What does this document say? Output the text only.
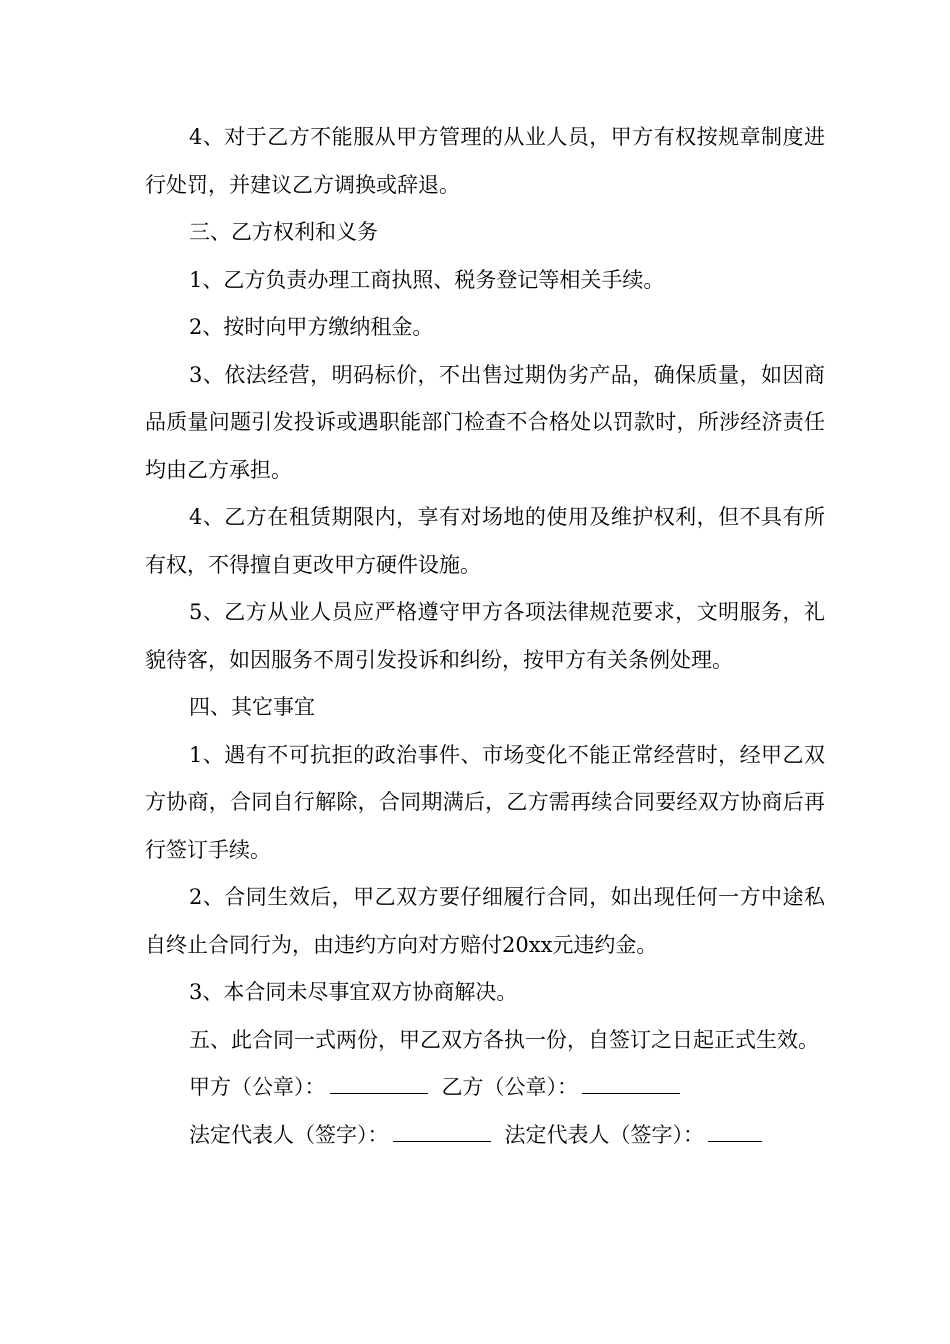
4、对于乙方不能服从甲方管理的从业人员，甲方有权按规章制度进行处罚，并建议乙方调换或辞退。

三、乙方权利和义务

1、乙方负责办理工商执照、税务登记等相关手续。

2、按时向甲方缴纳租金。

3、依法经营，明码标价，不出售过期伪劣产品，确保质量，如因商品质量问题引发投诉或遇职能部门检查不合格处以罚款时，所涉经济责任均由乙方承担。

4、乙方在租赁期限内，享有对场地的使用及维护权利，但不具有所有权，不得擅自更改甲方硬件设施。

5、乙方从业人员应严格遵守甲方各项法律规范要求，文明服务，礼貌待客，如因服务不周引发投诉和纠纷，按甲方有关条例处理。

四、其它事宜

1、遇有不可抗拒的政治事件、市场变化不能正常经营时，经甲乙双方协商，合同自行解除，合同期满后，乙方需再续合同要经双方协商后再行签订手续。

2、合同生效后，甲乙双方要仔细履行合同，如出现任何一方中途私自终止合同行为，由违约方向对方赔付20xx元违约金。

3、本合同未尽事宜双方协商解决。

五、此合同一式两份，甲乙双方各执一份，自签订之日起正式生效。

甲方（公章）：	乙方（公章）：
法定代表人（签字）：	法定代表人（签字）：
